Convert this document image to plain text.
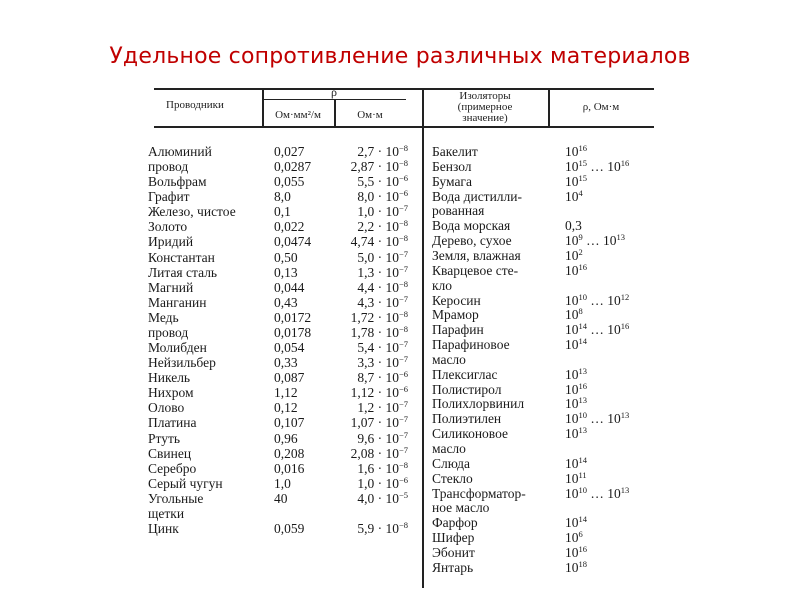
Удельное сопротивление различных материалов
Проводники
ρ
Ом·мм²/м	Ом·м
Изоляторы
(примерное
значение)
ρ, Ом·м
Алюминий	0,027	$2,7 \cdot 10^{-8}$
провод	0,0287	$2,87 \cdot 10^{-8}$
Вольфрам	0,055	$5,5 \cdot 10^{-6}$
Графит	8,0	$8,0 \cdot 10^{-6}$
Железо, чистое	0,1	$1,0 \cdot 10^{-7}$
Золото	0,022	$2,2 \cdot 10^{-8}$
Иридий	0,0474	$4,74 \cdot 10^{-8}$
Константан	0,50	$5,0 \cdot 10^{-7}$
Литая сталь	0,13	$1,3 \cdot 10^{-7}$
Магний	0,044	$4,4 \cdot 10^{-8}$
Манганин	0,43	$4,3 \cdot 10^{-7}$
Медь	0,0172	$1,72 \cdot 10^{-8}$
провод	0,0178	$1,78 \cdot 10^{-8}$
Молибден	0,054	$5,4 \cdot 10^{-7}$
Нейзильбер	0,33	$3,3 \cdot 10^{-7}$
Никель	0,087	$8,7 \cdot 10^{-6}$
Нихром	1,12	$1,12 \cdot 10^{-6}$
Олово	0,12	$1,2 \cdot 10^{-7}$
Платина	0,107	$1,07 \cdot 10^{-7}$
Ртуть	0,96	$9,6 \cdot 10^{-7}$
Свинец	0,208	$2,08 \cdot 10^{-7}$
Серебро	0,016	$1,6 \cdot 10^{-8}$
Серый чугун	1,0	$1,0 \cdot 10^{-6}$
Угольные	40	$4,0 \cdot 10^{-5}$
щетки
Цинк	0,059	$5,9 \cdot 10^{-8}$
Бакелит	$10^{16}$
Бензол	$10^{15}$ … $10^{16}$
Бумага	$10^{15}$
Вода дистилли-	$10^4$
рованная
Вода морская	0,3
Дерево, сухое	$10^9$ … $10^{13}$
Земля, влажная	$10^2$
Кварцевое сте-	$10^{16}$
кло
Керосин	$10^{10}$ … $10^{12}$
Мрамор	$10^8$
Парафин	$10^{14}$ … $10^{16}$
Парафиновое	$10^{14}$
масло
Плексиглас	$10^{13}$
Полистирол	$10^{16}$
Полихлорвинил	$10^{13}$
Полиэтилен	$10^{10}$ … $10^{13}$
Силиконовое	$10^{13}$
масло
Слюда	$10^{14}$
Стекло	$10^{11}$
Трансформатор-	$10^{10}$ … $10^{13}$
ное масло
Фарфор	$10^{14}$
Шифер	$10^6$
Эбонит	$10^{16}$
Янтарь	$10^{18}$
